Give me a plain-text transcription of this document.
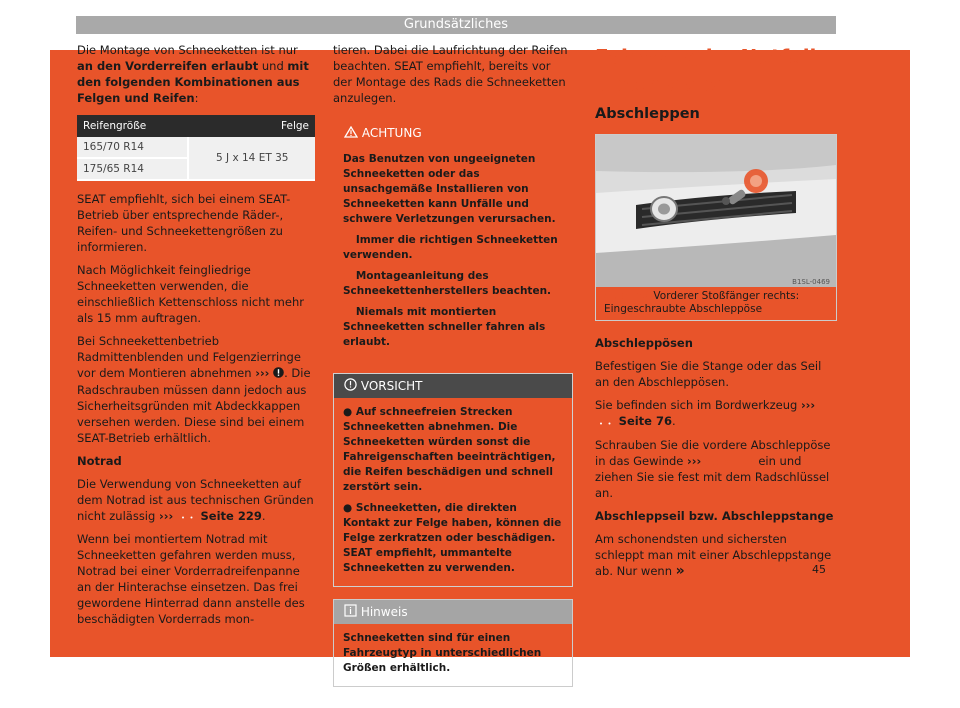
Grundsätzliches

Die Montage von Schneeketten ist nur an den Vorderreifen erlaubt und mit den folgenden Kombinationen aus Felgen und Reifen:

Reifengröße	Felge
165/70 R14	5 J x 14 ET 35
175/65 R14	

SEAT empfiehlt, sich bei einem SEAT-Betrieb über entsprechende Räder-, Reifen- und Schneekettengrößen zu informieren.

Nach Möglichkeit feingliedrige Schneeketten verwenden, die einschließlich Kettenschloss nicht mehr als 15 mm auftragen.

Bei Schneekettenbetrieb Radmittenblenden und Felgenzierringe vor dem Montieren abnehmen ››› . Die Radschrauben müssen dann jedoch aus Sicherheitsgründen mit Abdeckkappen versehen werden. Diese sind bei einem SEAT-Betrieb erhältlich.

Notrad

Die Verwendung von Schneeketten auf dem Notrad ist aus technischen Gründen nicht zulässig ››› Seite 229.

Wenn bei montiertem Notrad mit Schneeketten gefahren werden muss, Notrad bei einer Vorderradreifenpanne an der Hinterachse einsetzen. Das frei gewordene Hinterrad dann anstelle des beschädigten Vorderrads mon-

tieren. Dabei die Laufrichtung der Reifen beachten. SEAT empfiehlt, bereits vor der Montage des Rads die Schneeketten anzulegen.

ACHTUNG

Das Benutzen von ungeeigneten Schneeketten oder das unsachgemäße Installieren von Schneeketten kann Unfälle und schwere Verletzungen verursachen.

● Immer die richtigen Schneeketten verwenden.

● Montageanleitung des Schneekettenherstellers beachten.

● Niemals mit montierten Schneeketten schneller fahren als erlaubt.

VORSICHT

● Auf schneefreien Strecken Schneeketten abnehmen. Die Schneeketten würden sonst die Fahreigenschaften beeinträchtigen, die Reifen beschädigen und schnell zerstört sein.

● Schneeketten, die direkten Kontakt zur Felge haben, können die Felge zerkratzen oder beschädigen. SEAT empfiehlt, ummantelte Schneeketten zu verwenden.

Hinweis

Schneeketten sind für einen Fahrzeugtyp in unterschiedlichen Größen erhältlich.

Fahrzeug im Notfall abschleppen
Abschleppen
B1SL-0469
Abb. 59 Vorderer Stoßfänger rechts: Eingeschraubte Abschleppöse

Abschleppösen

Befestigen Sie die Stange oder das Seil an den Abschleppösen.

Sie befinden sich im Bordwerkzeug ›››  Seite 76.

Schrauben Sie die vordere Abschleppöse in das Gewinde ››› Abb. 59 ein und ziehen Sie sie fest mit dem Radschlüssel an.

Abschleppseil bzw. Abschleppstange

Am schonendsten und sichersten schleppt man mit einer Abschleppstange ab. Nur wenn »	45
